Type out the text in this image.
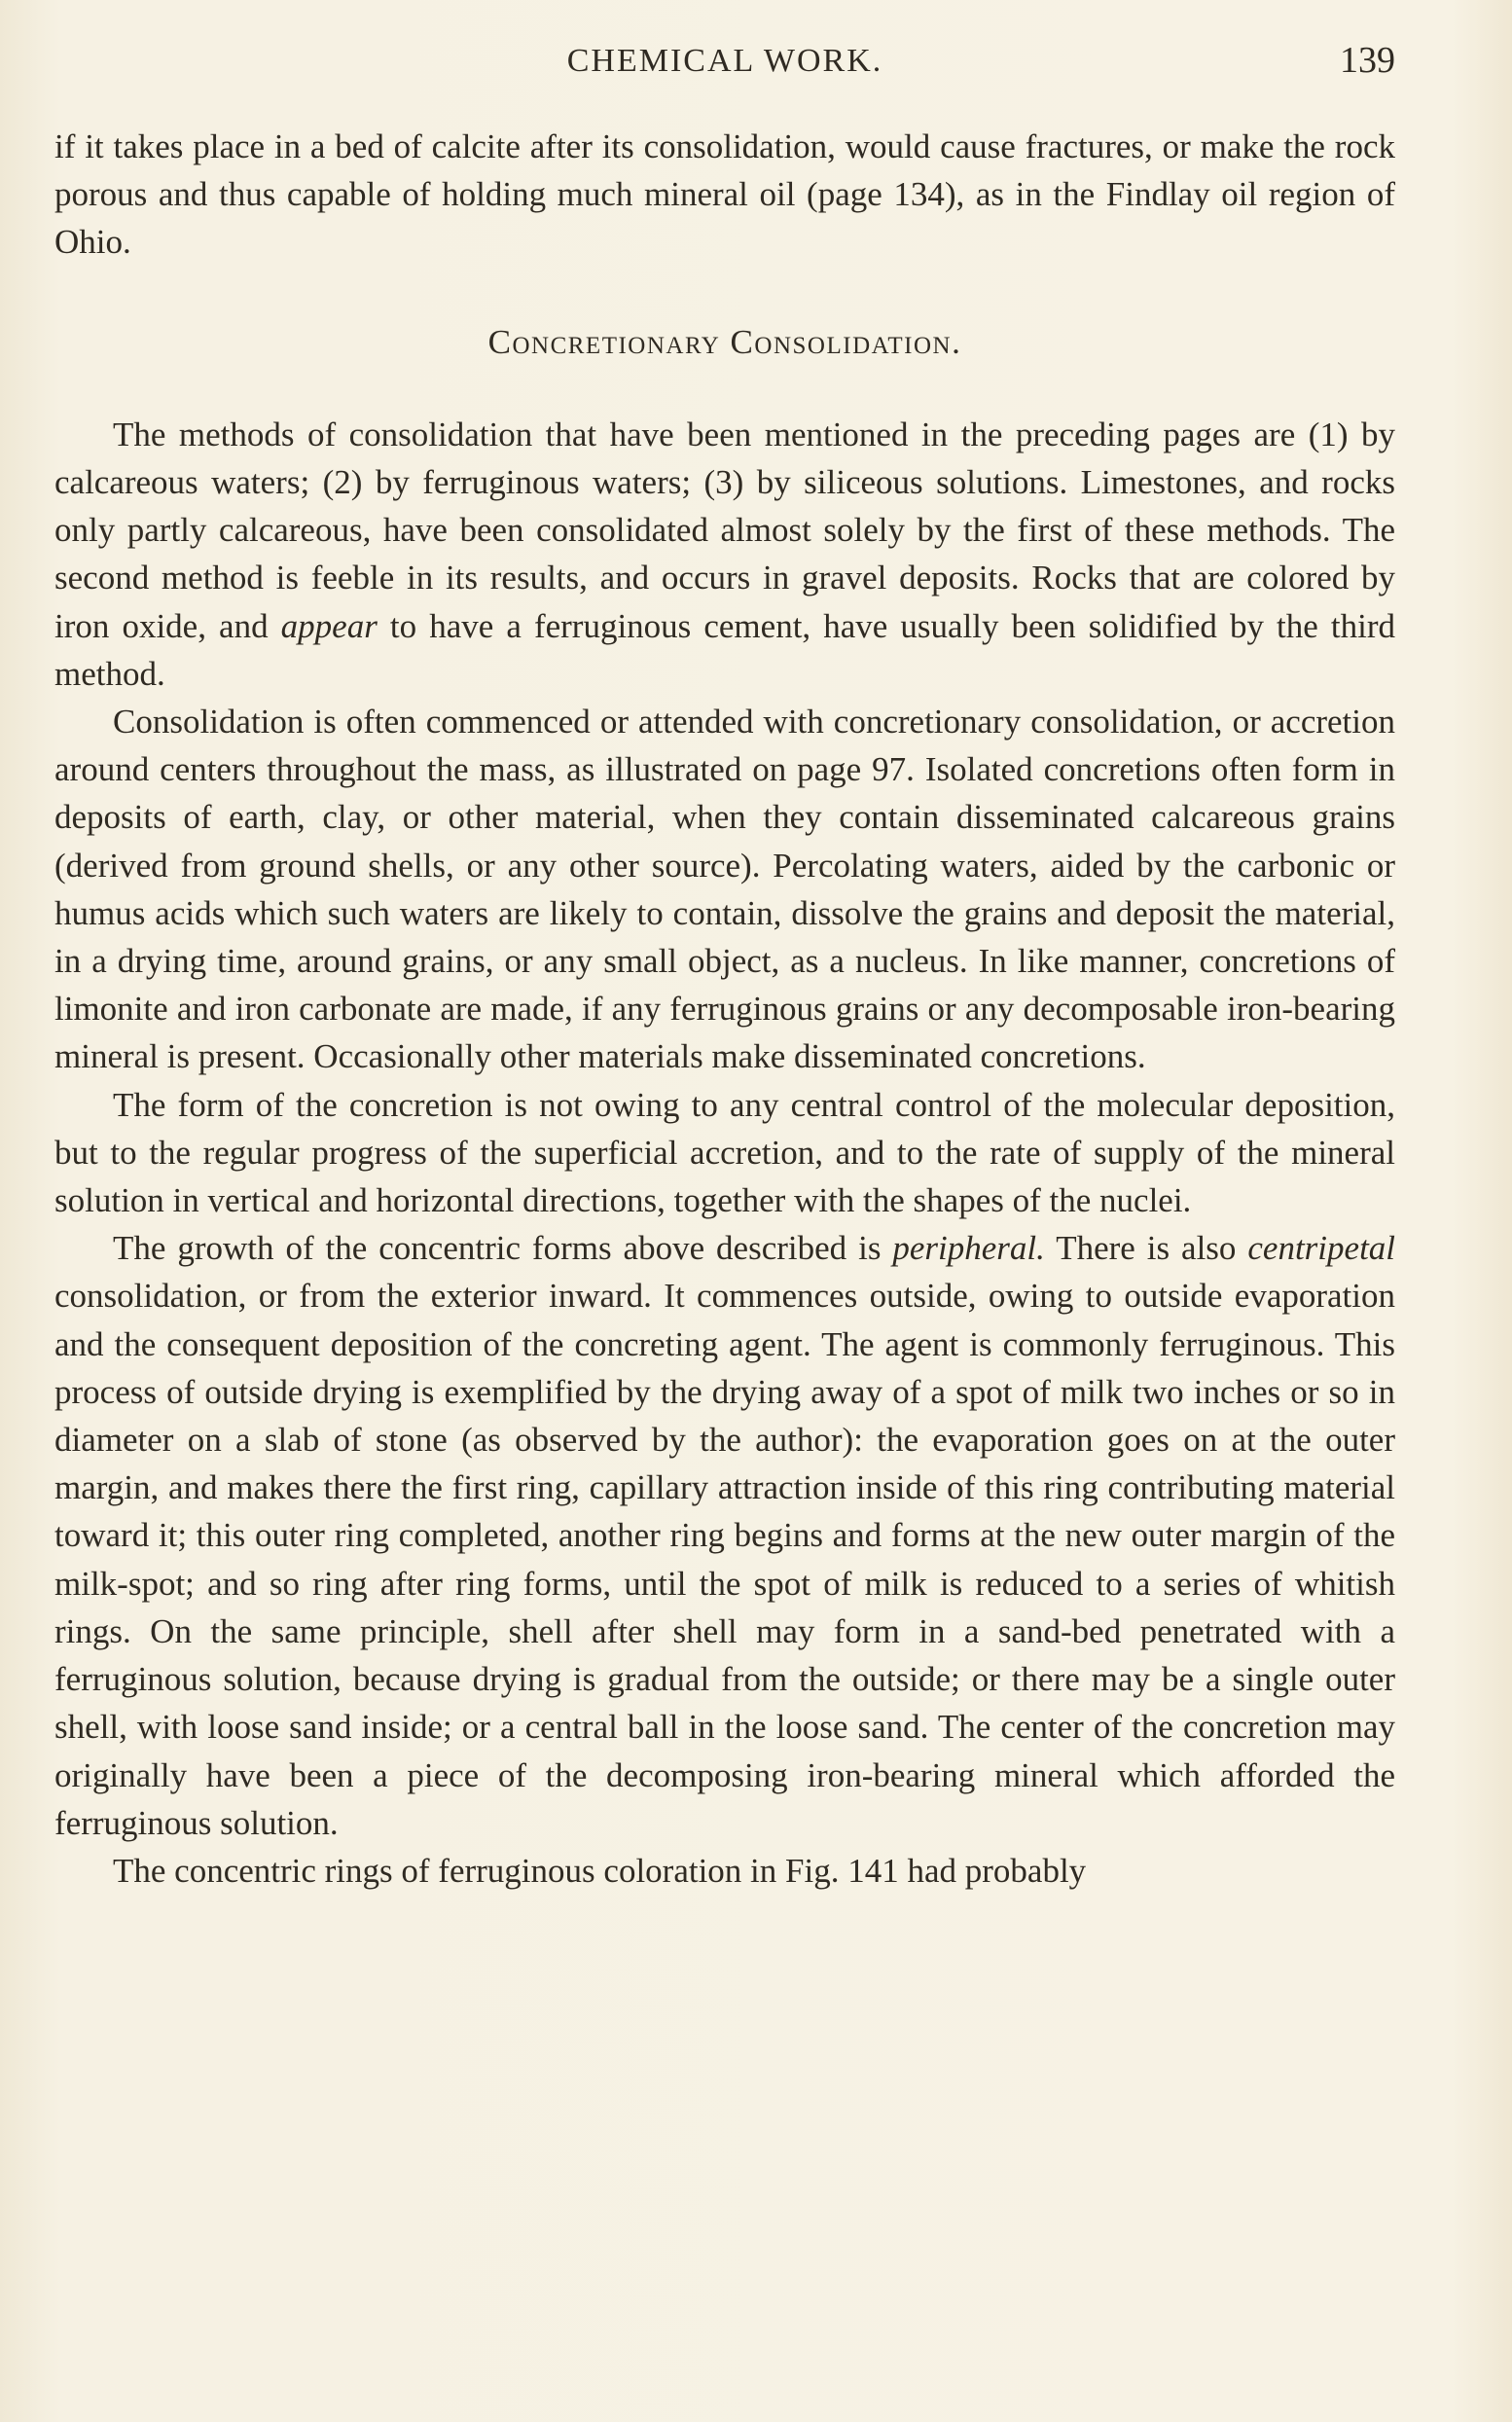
CHEMICAL WORK.	139

if it takes place in a bed of calcite after its consolidation, would cause fractures, or make the rock porous and thus capable of holding much mineral oil (page 134), as in the Findlay oil region of Ohio.

Concretionary Consolidation.

The methods of consolidation that have been mentioned in the preceding pages are (1) by calcareous waters; (2) by ferruginous waters; (3) by siliceous solutions. Limestones, and rocks only partly calcareous, have been consolidated almost solely by the first of these methods. The second method is feeble in its results, and occurs in gravel deposits. Rocks that are colored by iron oxide, and appear to have a ferruginous cement, have usually been solidified by the third method.

Consolidation is often commenced or attended with concretionary consolidation, or accretion around centers throughout the mass, as illustrated on page 97. Isolated concretions often form in deposits of earth, clay, or other material, when they contain disseminated calcareous grains (derived from ground shells, or any other source). Percolating waters, aided by the carbonic or humus acids which such waters are likely to contain, dissolve the grains and deposit the material, in a drying time, around grains, or any small object, as a nucleus. In like manner, concretions of limonite and iron carbonate are made, if any ferruginous grains or any decomposable iron-bearing mineral is present. Occasionally other materials make disseminated concretions.

The form of the concretion is not owing to any central control of the molecular deposition, but to the regular progress of the superficial accretion, and to the rate of supply of the mineral solution in vertical and horizontal directions, together with the shapes of the nuclei.

The growth of the concentric forms above described is peripheral. There is also centripetal consolidation, or from the exterior inward. It commences outside, owing to outside evaporation and the consequent deposition of the concreting agent. The agent is commonly ferruginous. This process of outside drying is exemplified by the drying away of a spot of milk two inches or so in diameter on a slab of stone (as observed by the author): the evaporation goes on at the outer margin, and makes there the first ring, capillary attraction inside of this ring contributing material toward it; this outer ring completed, another ring begins and forms at the new outer margin of the milk-spot; and so ring after ring forms, until the spot of milk is reduced to a series of whitish rings. On the same principle, shell after shell may form in a sand-bed penetrated with a ferruginous solution, because drying is gradual from the outside; or there may be a single outer shell, with loose sand inside; or a central ball in the loose sand. The center of the concretion may originally have been a piece of the decomposing iron-bearing mineral which afforded the ferruginous solution.

The concentric rings of ferruginous coloration in Fig. 141 had probably
